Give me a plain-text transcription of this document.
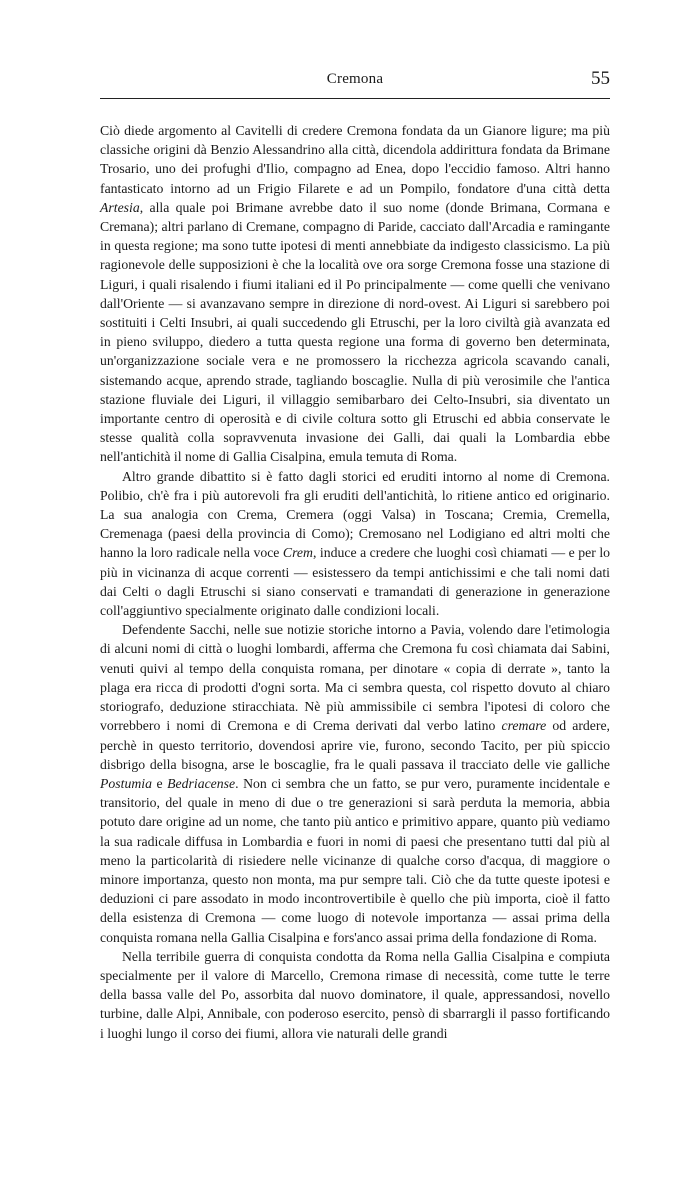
Cremona	55

Ciò diede argomento al Cavitelli di credere Cremona fondata da un Gianore ligure; ma più classiche origini dà Benzio Alessandrino alla città, dicendola addirittura fondata da Brimane Trosario, uno dei profughi d'Ilio, compagno ad Enea, dopo l'eccidio famoso. Altri hanno fantasticato intorno ad un Frigio Filarete e ad un Pompilo, fondatore d'una città detta Artesia, alla quale poi Brimane avrebbe dato il suo nome (donde Brimana, Cormana e Cremana); altri parlano di Cremane, compagno di Paride, cacciato dall'Arcadia e ramingante in questa regione; ma sono tutte ipotesi di menti annebbiate da indigesto classicismo. La più ragionevole delle supposizioni è che la località ove ora sorge Cremona fosse una stazione di Liguri, i quali risalendo i fiumi italiani ed il Po principalmente — come quelli che venivano dall'Oriente — si avanzavano sempre in direzione di nord-ovest. Ai Liguri si sarebbero poi sostituiti i Celti Insubri, ai quali succedendo gli Etruschi, per la loro civiltà già avanzata ed in pieno sviluppo, diedero a tutta questa regione una forma di governo ben determinata, un'organizzazione sociale vera e ne promossero la ricchezza agricola scavando canali, sistemando acque, aprendo strade, tagliando boscaglie. Nulla di più verosimile che l'antica stazione fluviale dei Liguri, il villaggio semibarbaro dei Celto-Insubri, sia diventato un importante centro di operosità e di civile coltura sotto gli Etruschi ed abbia conservate le stesse qualità colla sopravvenuta invasione dei Galli, dai quali la Lombardia ebbe nell'antichità il nome di Gallia Cisalpina, emula temuta di Roma.

Altro grande dibattito si è fatto dagli storici ed eruditi intorno al nome di Cremona. Polibio, ch'è fra i più autorevoli fra gli eruditi dell'antichità, lo ritiene antico ed originario. La sua analogia con Crema, Cremera (oggi Valsa) in Toscana; Cremia, Cremella, Cremenaga (paesi della provincia di Como); Cremosano nel Lodigiano ed altri molti che hanno la loro radicale nella voce Crem, induce a credere che luoghi così chiamati — e per lo più in vicinanza di acque correnti — esistessero da tempi antichissimi e che tali nomi dati dai Celti o dagli Etruschi si siano conservati e tramandati di generazione in generazione coll'aggiuntivo specialmente originato dalle condizioni locali.

Defendente Sacchi, nelle sue notizie storiche intorno a Pavia, volendo dare l'etimologia di alcuni nomi di città o luoghi lombardi, afferma che Cremona fu così chiamata dai Sabini, venuti quivi al tempo della conquista romana, per dinotare « copia di derrate », tanto la plaga era ricca di prodotti d'ogni sorta. Ma ci sembra questa, col rispetto dovuto al chiaro storiografo, deduzione stiracchiata. Nè più ammissibile ci sembra l'ipotesi di coloro che vorrebbero i nomi di Cremona e di Crema derivati dal verbo latino cremare od ardere, perchè in questo territorio, dovendosi aprire vie, furono, secondo Tacito, per più spiccio disbrigo della bisogna, arse le boscaglie, fra le quali passava il tracciato delle vie galliche Postumia e Bedriacense. Non ci sembra che un fatto, se pur vero, puramente incidentale e transitorio, del quale in meno di due o tre generazioni si sarà perduta la memoria, abbia potuto dare origine ad un nome, che tanto più antico e primitivo appare, quanto più vediamo la sua radicale diffusa in Lombardia e fuori in nomi di paesi che presentano tutti dal più al meno la particolarità di risiedere nelle vicinanze di qualche corso d'acqua, di maggiore o minore importanza, questo non monta, ma pur sempre tali. Ciò che da tutte queste ipotesi e deduzioni ci pare assodato in modo incontrovertibile è quello che più importa, cioè il fatto della esistenza di Cremona — come luogo di notevole importanza — assai prima della conquista romana nella Gallia Cisalpina e fors'anco assai prima della fondazione di Roma.

Nella terribile guerra di conquista condotta da Roma nella Gallia Cisalpina e compiuta specialmente per il valore di Marcello, Cremona rimase di necessità, come tutte le terre della bassa valle del Po, assorbita dal nuovo dominatore, il quale, appressandosi, novello turbine, dalle Alpi, Annibale, con poderoso esercito, pensò di sbarrargli il passo fortificando i luoghi lungo il corso dei fiumi, allora vie naturali delle grandi
